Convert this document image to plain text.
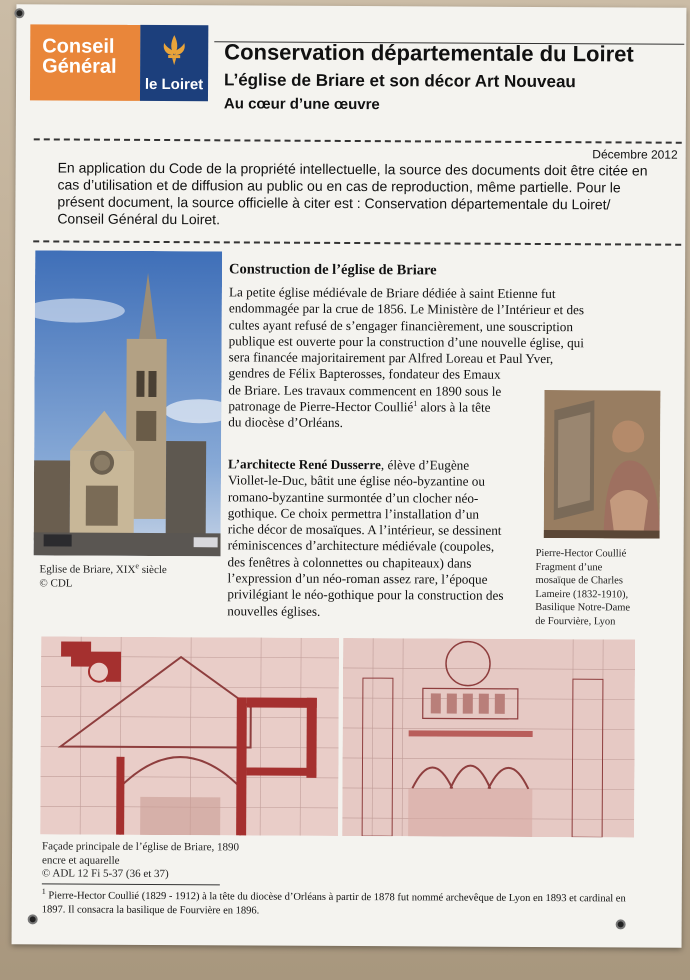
Conseil
Général
le Loiret
Conservation départementale du Loiret
L’église de Briare et son décor Art Nouveau
Au cœur d’une œuvre
Décembre 2012
En application du Code de la propriété intellectuelle, la source des documents doit être citée en cas d’utilisation et de diffusion au public ou en cas de reproduction, même partielle. Pour le présent document, la source officielle à citer est : Conservation départementale du Loiret/ Conseil Général du Loiret.
Eglise de Briare, XIXe siècle
© CDL
Construction de l’église de Briare
La petite église médiévale de Briare dédiée à saint Etienne fut
endommagée par la crue de 1856. Le Ministère de l’Intérieur et des
cultes ayant refusé de s’engager financièrement, une souscription
publique est ouverte pour la construction d’une nouvelle église, qui
sera financée majoritairement par Alfred Loreau et Paul Yver,
gendres de Félix Bapterosses, fondateur des Emaux
de Briare. Les travaux commencent en 1890 sous le
patronage de Pierre-Hector Coullié$^1$ alors à la tête
du diocèse d’Orléans.
L’architecte René Dusserre, élève d’Eugène
Viollet-le-Duc, bâtit une église néo-byzantine ou
romano-byzantine surmontée d’un clocher néo-
gothique. Ce choix permettra l’installation d’un
riche décor de mosaïques. A l’intérieur, se dessinent
réminiscences d’architecture médiévale (coupoles,
des fenêtres à colonnettes ou chapiteaux) dans
l’expression d’un néo-roman assez rare, l’époque
privilégiant le néo-gothique pour la construction des
nouvelles églises.
Pierre-Hector Coullié
Fragment d’une
mosaïque de Charles
Lameire (1832-1910),
Basilique Notre-Dame
de Fourvière, Lyon
Façade principale de l’église de Briare, 1890
encre et aquarelle
© ADL 12 Fi 5-37 (36 et 37)
$^1$ Pierre-Hector Coullié (1829 - 1912) à la tête du diocèse d’Orléans à partir de 1878 fut nommé archevêque de Lyon en 1893 et cardinal en 1897. Il consacra la basilique de Fourvière en 1896.
